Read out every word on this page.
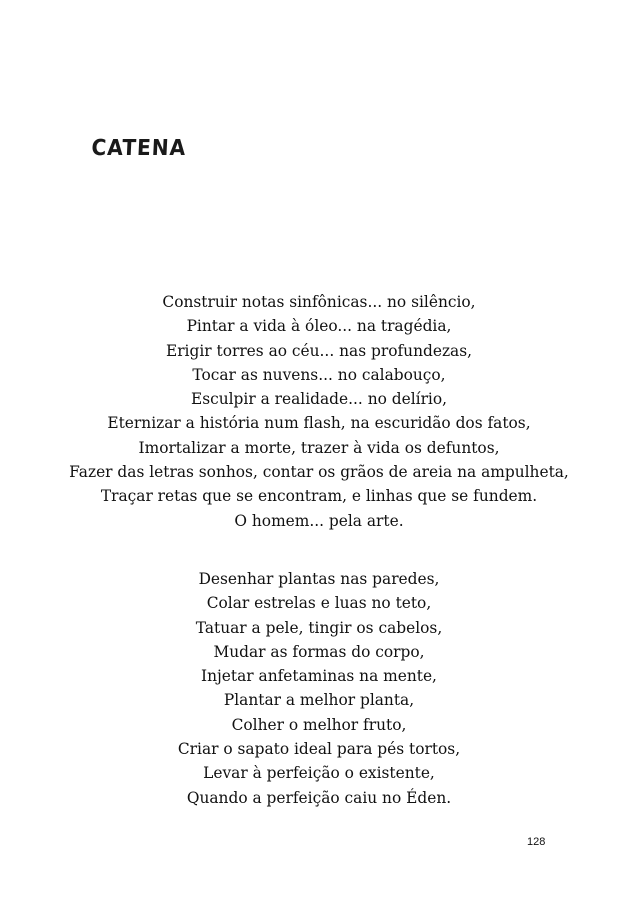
CATENA
Construir notas sinfônicas... no silêncio,
Pintar a vida à óleo... na tragédia,
Erigir torres ao céu... nas profundezas,
Tocar as nuvens... no calabouço,
Esculpir a realidade... no delírio,
Eternizar a história num flash, na escuridão dos fatos,
Imortalizar a morte, trazer à vida os defuntos,
Fazer das letras sonhos, contar os grãos de areia na ampulheta,
Traçar retas que se encontram, e linhas que se fundem.
O homem... pela arte.
Desenhar plantas nas paredes,
Colar estrelas e luas no teto,
Tatuar a pele, tingir os cabelos,
Mudar as formas do corpo,
Injetar anfetaminas na mente,
Plantar a melhor planta,
Colher o melhor fruto,
Criar o sapato ideal para pés tortos,
Levar à perfeição o existente,
Quando a perfeição caiu no Éden.
128
